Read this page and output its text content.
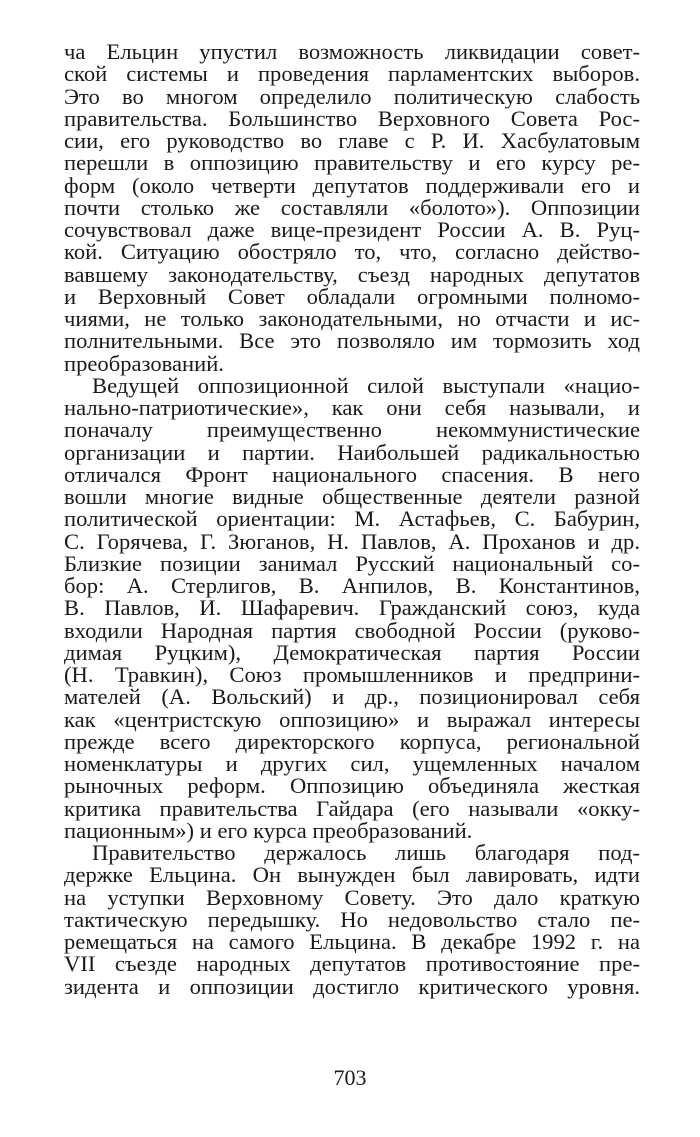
ча Ельцин упустил возможность ликвидации совет-
ской системы и проведения парламентских выборов.
Это во многом определило политическую слабость
правительства. Большинство Верховного Совета Рос-
сии, его руководство во главе с Р. И. Хасбулатовым
перешли в оппозицию правительству и его курсу ре-
форм (около четверти депутатов поддерживали его и
почти столько же составляли «болото»). Оппозиции
сочувствовал даже вице-президент России А. В. Руц-
кой. Ситуацию обостряло то, что, согласно действо-
вавшему законодательству, съезд народных депутатов
и Верховный Совет обладали огромными полномо-
чиями, не только законодательными, но отчасти и ис-
полнительными. Все это позволяло им тормозить ход
преобразований.
Ведущей оппозиционной силой выступали «нацио-
нально-патриотические», как они себя называли, и
поначалу преимущественно некоммунистические
организации и партии. Наибольшей радикальностью
отличался Фронт национального спасения. В него
вошли многие видные общественные деятели разной
политической ориентации: М. Астафьев, С. Бабурин,
С. Горячева, Г. Зюганов, Н. Павлов, А. Проханов и др.
Близкие позиции занимал Русский национальный со-
бор: А. Стерлигов, В. Анпилов, В. Константинов,
В. Павлов, И. Шафаревич. Гражданский союз, куда
входили Народная партия свободной России (руково-
димая Руцким), Демократическая партия России
(Н. Травкин), Союз промышленников и предприни-
мателей (А. Вольский) и др., позиционировал себя
как «центристскую оппозицию» и выражал интересы
прежде всего директорского корпуса, региональной
номенклатуры и других сил, ущемленных началом
рыночных реформ. Оппозицию объединяла жесткая
критика правительства Гайдара (его называли «окку-
пационным») и его курса преобразований.
Правительство держалось лишь благодаря под-
держке Ельцина. Он вынужден был лавировать, идти
на уступки Верховному Совету. Это дало краткую
тактическую передышку. Но недовольство стало пе-
ремещаться на самого Ельцина. В декабре 1992 г. на
VII съезде народных депутатов противостояние пре-
зидента и оппозиции достигло критического уровня.
703
